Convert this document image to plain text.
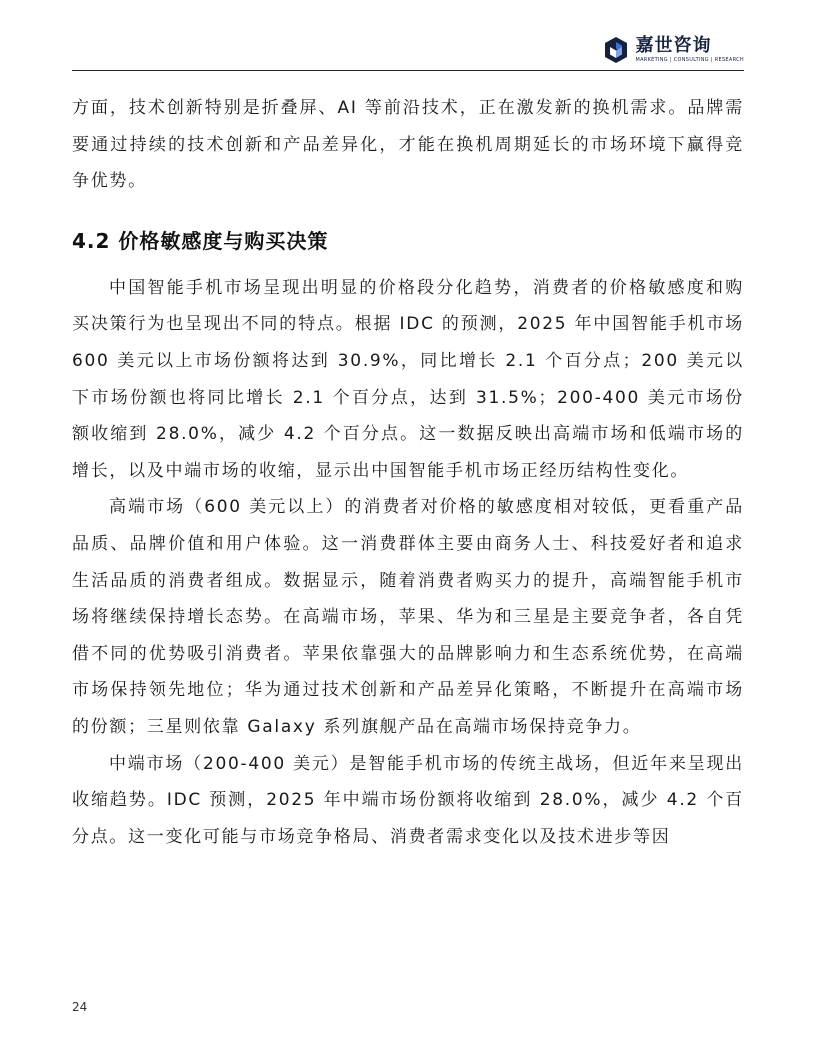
嘉世咨询
MARKETING | CONSULTING | RESEARCH

方面，技术创新特别是折叠屏、AI 等前沿技术，正在激发新的换机需求。品牌需要通过持续的技术创新和产品差异化，才能在换机周期延长的市场环境下赢得竞争优势。

4.2 价格敏感度与购买决策

中国智能手机市场呈现出明显的价格段分化趋势，消费者的价格敏感度和购买决策行为也呈现出不同的特点。根据 IDC 的预测，2025 年中国智能手机市场 600 美元以上市场份额将达到 30.9%，同比增长 2.1 个百分点；200 美元以下市场份额也将同比增长 2.1 个百分点，达到 31.5%；200-400 美元市场份额收缩到 28.0%，减少 4.2 个百分点。这一数据反映出高端市场和低端市场的增长，以及中端市场的收缩，显示出中国智能手机市场正经历结构性变化。

高端市场（600 美元以上）的消费者对价格的敏感度相对较低，更看重产品品质、品牌价值和用户体验。这一消费群体主要由商务人士、科技爱好者和追求生活品质的消费者组成。数据显示，随着消费者购买力的提升，高端智能手机市场将继续保持增长态势。在高端市场，苹果、华为和三星是主要竞争者，各自凭借不同的优势吸引消费者。苹果依靠强大的品牌影响力和生态系统优势，在高端市场保持领先地位；华为通过技术创新和产品差异化策略，不断提升在高端市场的份额；三星则依靠 Galaxy 系列旗舰产品在高端市场保持竞争力。

中端市场（200-400 美元）是智能手机市场的传统主战场，但近年来呈现出收缩趋势。IDC 预测，2025 年中端市场份额将收缩到 28.0%，减少 4.2 个百分点。这一变化可能与市场竞争格局、消费者需求变化以及技术进步等因

24
